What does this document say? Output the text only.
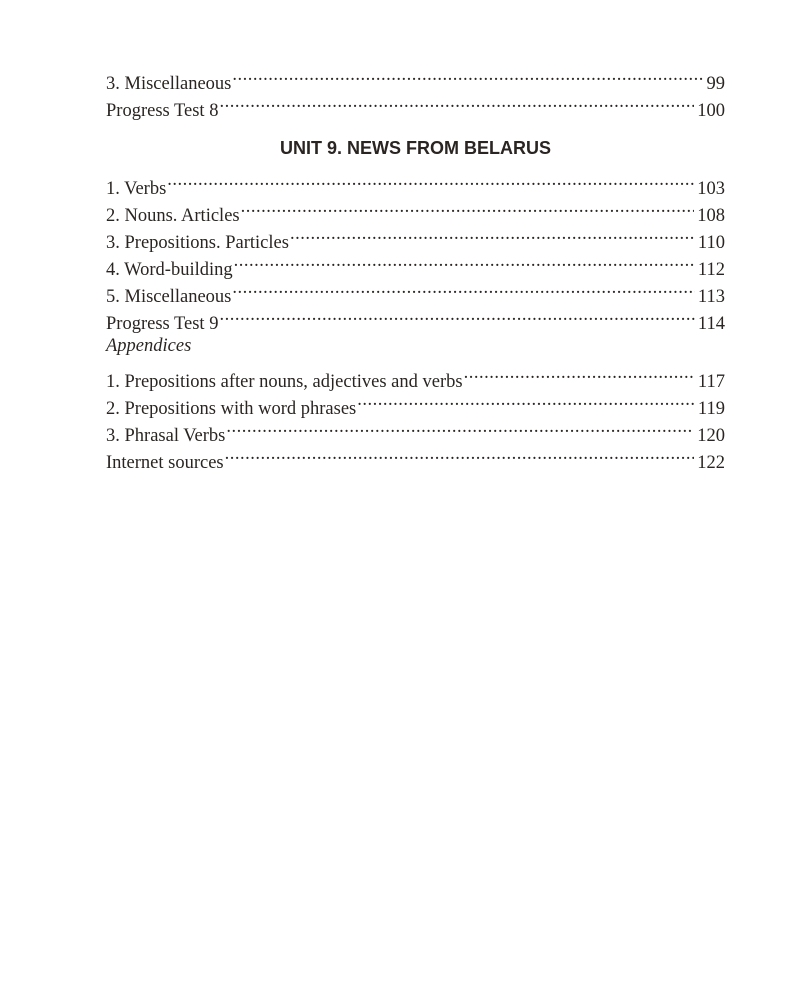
3. Miscellaneous .....	99
Progress Test 8 .....	100
UNIT 9. NEWS FROM BELARUS
1. Verbs .....	103
2. Nouns. Articles .....	108
3. Prepositions. Particles .....	110
4. Word-building .....	112
5. Miscellaneous .....	113
Progress Test 9 .....	114
Appendices
1. Prepositions after nouns, adjectives and verbs .....	117
2. Prepositions with word phrases .....	119
3. Phrasal Verbs .....	120
Internet sources .....	122
